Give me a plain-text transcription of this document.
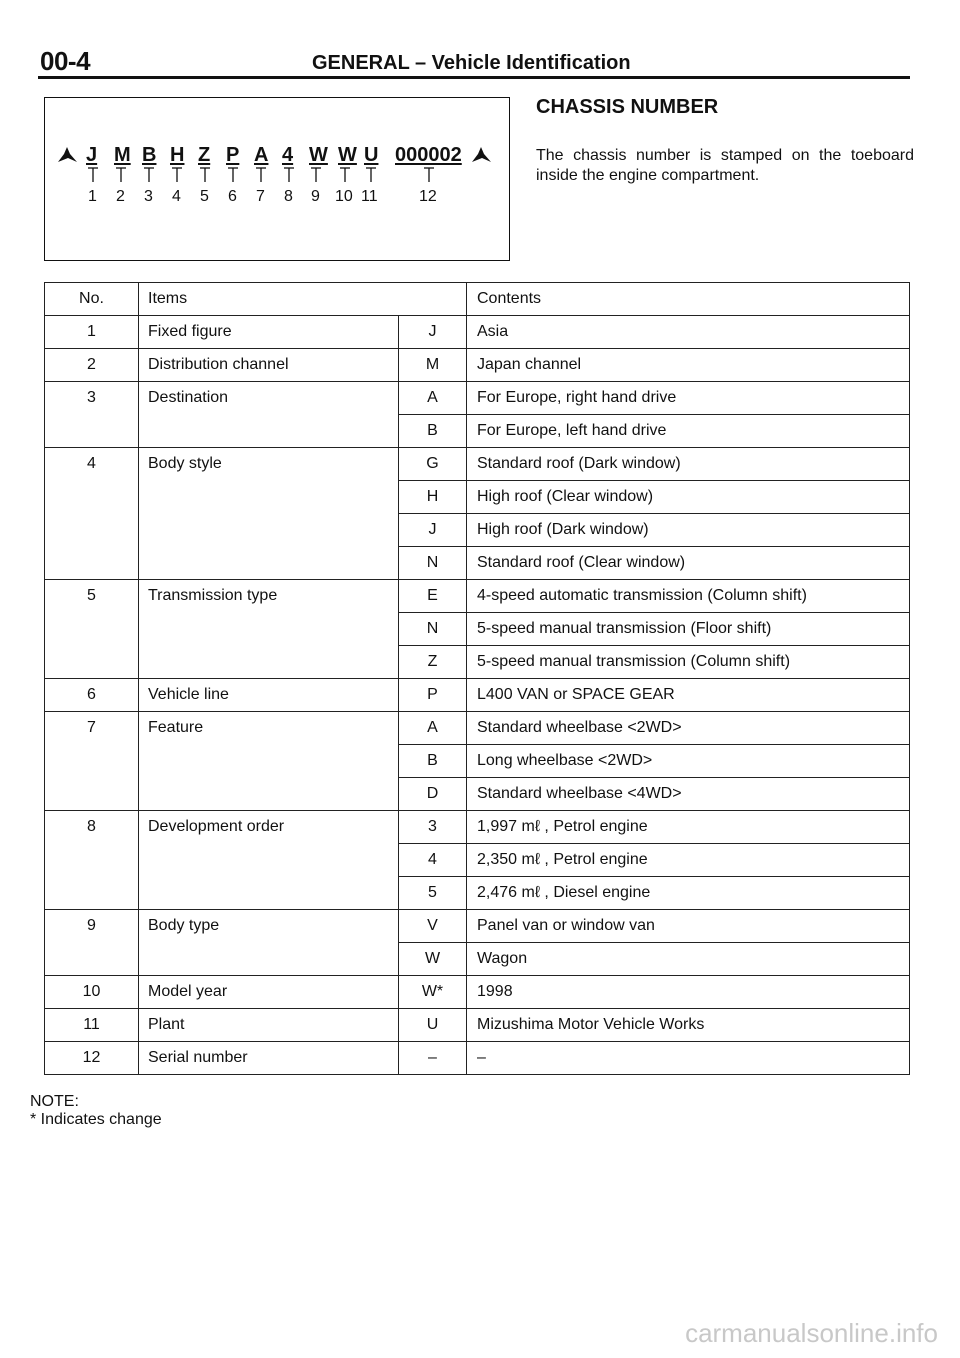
00-4	GENERAL – Vehicle Identification
J
1
M
2
B
3
H
4
Z
5
P
6
A
7
4
8
W
9
W
10
U
11
000002
12
CHASSIS NUMBER
The chassis number is stamped on the toeboard inside the engine compartment.
No.	Items		Contents
1	Fixed figure	J	Asia
2	Distribution channel	M	Japan channel
3	Destination	A	For Europe, right hand drive
		B	For Europe, left hand drive
4	Body style	G	Standard roof (Dark window)
		H	High roof (Clear window)
		J	High roof (Dark window)
		N	Standard roof (Clear window)
5	Transmission type	E	4-speed automatic transmission (Column shift)
		N	5-speed manual transmission (Floor shift)
		Z	5-speed manual transmission (Column shift)
6	Vehicle line	P	L400 VAN or SPACE GEAR
7	Feature	A	Standard wheelbase <2WD>
		B	Long wheelbase <2WD>
		D	Standard wheelbase <4WD>
8	Development order	3	1,997 mℓ , Petrol engine
		4	2,350 mℓ , Petrol engine
		5	2,476 mℓ , Diesel engine
9	Body type	V	Panel van or window van
		W	Wagon
10	Model year	W*	1998
11	Plant	U	Mizushima Motor Vehicle Works
12	Serial number	–	–
NOTE:
* Indicates change
carmanualsonline.info
